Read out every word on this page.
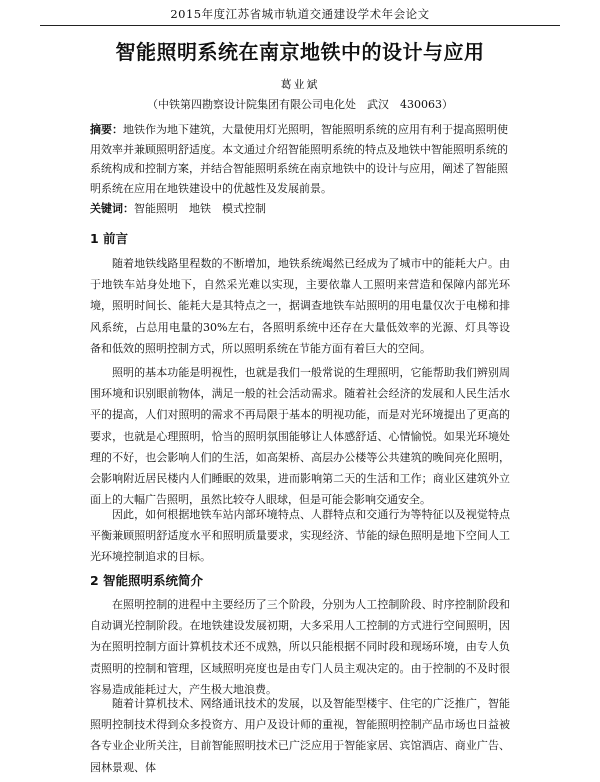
2015年度江苏省城市轨道交通建设学术年会论文
智能照明系统在南京地铁中的设计与应用
葛业斌
（中铁第四勘察设计院集团有限公司电化处　武汉　430063）
摘要：地铁作为地下建筑，大量使用灯光照明，智能照明系统的应用有利于提高照明使用效率并兼顾照明舒适度。本文通过介绍智能照明系统的特点及地铁中智能照明系统的系统构成和控制方案，并结合智能照明系统在南京地铁中的设计与应用，阐述了智能照明系统在应用在地铁建设中的优越性及发展前景。
关键词：智能照明　地铁　模式控制
1 前言
随着地铁线路里程数的不断增加，地铁系统竭然已经成为了城市中的能耗大户。由于地铁车站身处地下，自然采光难以实现，主要依靠人工照明来营造和保障内部光环境，照明时间长、能耗大是其特点之一，据调查地铁车站照明的用电量仅次于电梯和排风系统，占总用电量的30%左右，各照明系统中还存在大量低效率的光源、灯具等设备和低效的照明控制方式，所以照明系统在节能方面有着巨大的空间。
照明的基本功能是明视性，也就是我们一般常说的生理照明，它能帮助我们辨别周围环境和识别眼前物体，满足一般的社会活动需求。随着社会经济的发展和人民生活水平的提高，人们对照明的需求不再局限于基本的明视功能，而是对光环境提出了更高的要求，也就是心理照明，恰当的照明氛围能够让人体感舒适、心情愉悦。如果光环境处理的不好，也会影响人们的生活，如高架桥、高层办公楼等公共建筑的晚间亮化照明，会影响附近居民楼内人们睡眠的效果，进而影响第二天的生活和工作；商业区建筑外立面上的大幅广告照明，虽然比较夺人眼球，但是可能会影响交通安全。
因此，如何根据地铁车站内部环境特点、人群特点和交通行为等特征以及视觉特点平衡兼顾照明舒适度水平和照明质量要求，实现经济、节能的绿色照明是地下空间人工光环境控制追求的目标。
2 智能照明系统简介
在照明控制的进程中主要经历了三个阶段，分别为人工控制阶段、时序控制阶段和自动调光控制阶段。在地铁建设发展初期，大多采用人工控制的方式进行空间照明，因为在照明控制方面计算机技术还不成熟，所以只能根据不同时段和现场环境，由专人负责照明的控制和管理，区域照明亮度也是由专门人员主观决定的。由于控制的不及时很容易造成能耗过大，产生极大地浪费。
随着计算机技术、网络通讯技术的发展，以及智能型楼宇、住宅的广泛推广，智能照明控制技术得到众多投资方、用户及设计师的重视，智能照明控制产品市场也日益被各专业企业所关注，目前智能照明技术已广泛应用于智能家居、宾馆酒店、商业广告、园林景观、体
